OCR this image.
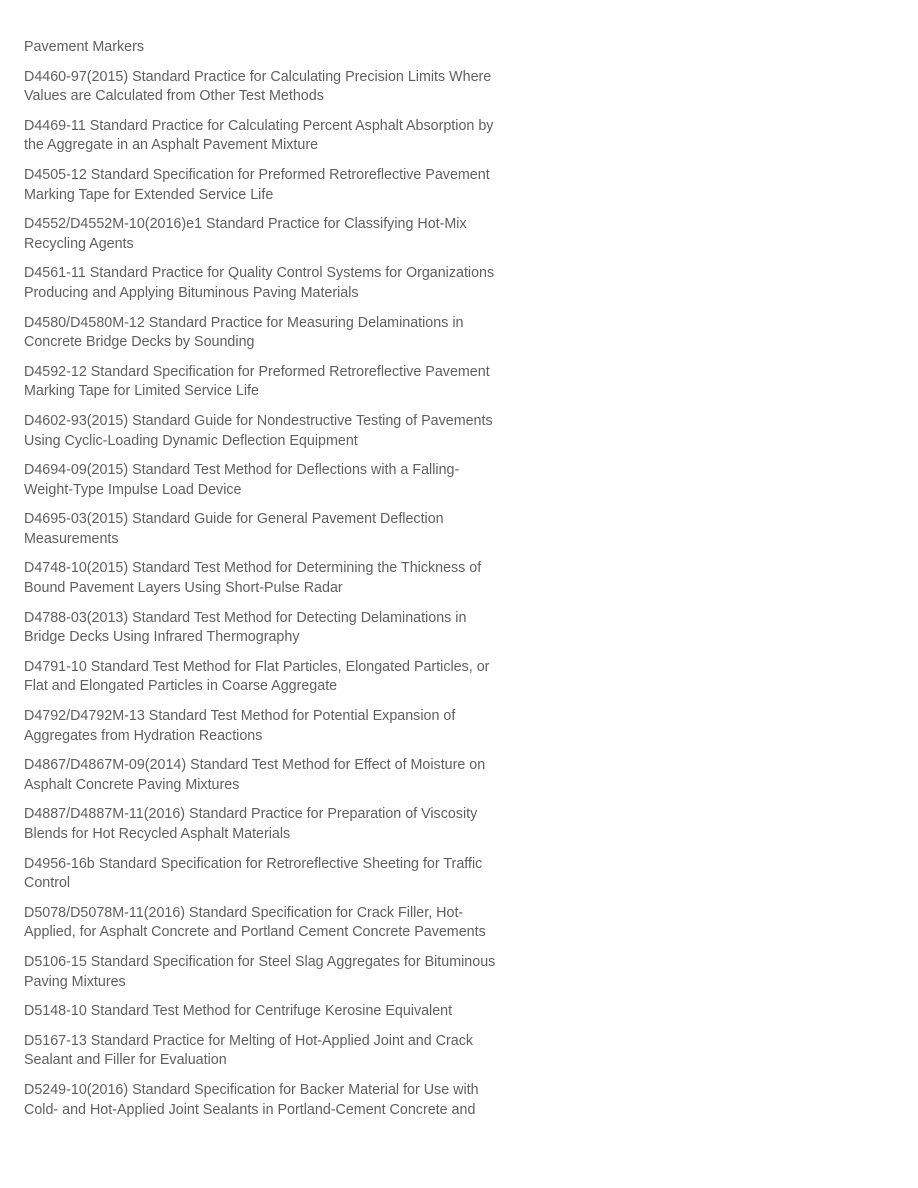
Pavement Markers
D4460-97(2015) Standard Practice for Calculating Precision Limits Where Values are Calculated from Other Test Methods
D4469-11 Standard Practice for Calculating Percent Asphalt Absorption by the Aggregate in an Asphalt Pavement Mixture
D4505-12 Standard Specification for Preformed Retroreflective Pavement Marking Tape for Extended Service Life
D4552/D4552M-10(2016)e1 Standard Practice for Classifying Hot-Mix Recycling Agents
D4561-11 Standard Practice for Quality Control Systems for Organizations Producing and Applying Bituminous Paving Materials
D4580/D4580M-12 Standard Practice for Measuring Delaminations in Concrete Bridge Decks by Sounding
D4592-12 Standard Specification for Preformed Retroreflective Pavement Marking Tape for Limited Service Life
D4602-93(2015) Standard Guide for Nondestructive Testing of Pavements Using Cyclic-Loading Dynamic Deflection Equipment
D4694-09(2015) Standard Test Method for Deflections with a Falling-Weight-Type Impulse Load Device
D4695-03(2015) Standard Guide for General Pavement Deflection Measurements
D4748-10(2015) Standard Test Method for Determining the Thickness of Bound Pavement Layers Using Short-Pulse Radar
D4788-03(2013) Standard Test Method for Detecting Delaminations in Bridge Decks Using Infrared Thermography
D4791-10 Standard Test Method for Flat Particles, Elongated Particles, or Flat and Elongated Particles in Coarse Aggregate
D4792/D4792M-13 Standard Test Method for Potential Expansion of Aggregates from Hydration Reactions
D4867/D4867M-09(2014) Standard Test Method for Effect of Moisture on Asphalt Concrete Paving Mixtures
D4887/D4887M-11(2016) Standard Practice for Preparation of Viscosity Blends for Hot Recycled Asphalt Materials
D4956-16b Standard Specification for Retroreflective Sheeting for Traffic Control
D5078/D5078M-11(2016) Standard Specification for Crack Filler, Hot-Applied, for Asphalt Concrete and Portland Cement Concrete Pavements
D5106-15 Standard Specification for Steel Slag Aggregates for Bituminous Paving Mixtures
D5148-10 Standard Test Method for Centrifuge Kerosine Equivalent
D5167-13 Standard Practice for Melting of Hot-Applied Joint and Crack Sealant and Filler for Evaluation
D5249-10(2016) Standard Specification for Backer Material for Use with Cold- and Hot-Applied Joint Sealants in Portland-Cement Concrete and
